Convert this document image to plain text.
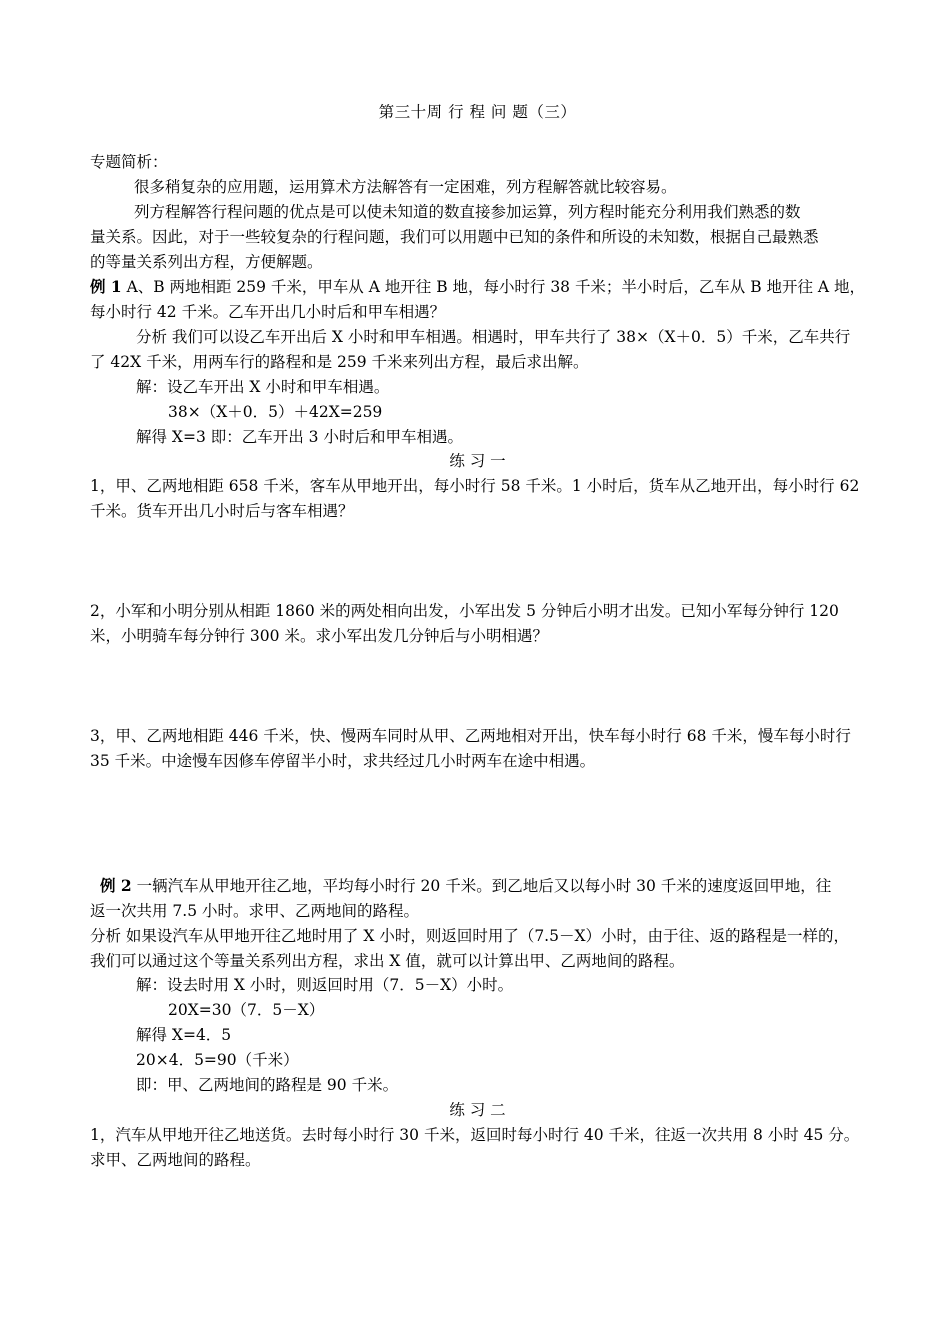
第三十周 行 程 问 题（三）
专题简析：
很多稍复杂的应用题，运用算术方法解答有一定困难，列方程解答就比较容易。
列方程解答行程问题的优点是可以使未知道的数直接参加运算，列方程时能充分利用我们熟悉的数
量关系。因此，对于一些较复杂的行程问题，我们可以用题中已知的条件和所设的未知数，根据自己最熟悉
的等量关系列出方程，方便解题。
例 1 A、B 两地相距 259 千米，甲车从 A 地开往 B 地，每小时行 38 千米；半小时后，乙车从 B 地开往 A 地，
每小时行 42 千米。乙车开出几小时后和甲车相遇？
分析 我们可以设乙车开出后 X 小时和甲车相遇。相遇时，甲车共行了 38×（X＋0．5）千米，乙车共行
了 42X 千米，用两车行的路程和是 259 千米来列出方程，最后求出解。
解：设乙车开出 X 小时和甲车相遇。
38×（X＋0．5）＋42X=259
解得 X=3 即：乙车开出 3 小时后和甲车相遇。
练 习 一
1，甲、乙两地相距 658 千米，客车从甲地开出，每小时行 58 千米。1 小时后，货车从乙地开出，每小时行 62
千米。货车开出几小时后与客车相遇？
2，小军和小明分别从相距 1860 米的两处相向出发，小军出发 5 分钟后小明才出发。已知小军每分钟行 120
米，小明骑车每分钟行 300 米。求小军出发几分钟后与小明相遇？
3，甲、乙两地相距 446 千米，快、慢两车同时从甲、乙两地相对开出，快车每小时行 68 千米，慢车每小时行
35 千米。中途慢车因修车停留半小时，求共经过几小时两车在途中相遇。
例 2 一辆汽车从甲地开往乙地，平均每小时行 20 千米。到乙地后又以每小时 30 千米的速度返回甲地，往
返一次共用 7.5 小时。求甲、乙两地间的路程。
分析 如果设汽车从甲地开往乙地时用了 X 小时，则返回时用了（7.5－X）小时，由于往、返的路程是一样的，
我们可以通过这个等量关系列出方程，求出 X 值，就可以计算出甲、乙两地间的路程。
解：设去时用 X 小时，则返回时用（7．5－X）小时。
20X=30（7．5－X）
解得 X=4．5
20×4．5=90（千米）
即：甲、乙两地间的路程是 90 千米。
练 习 二
1，汽车从甲地开往乙地送货。去时每小时行 30 千米，返回时每小时行 40 千米，往返一次共用 8 小时 45 分。
求甲、乙两地间的路程。
